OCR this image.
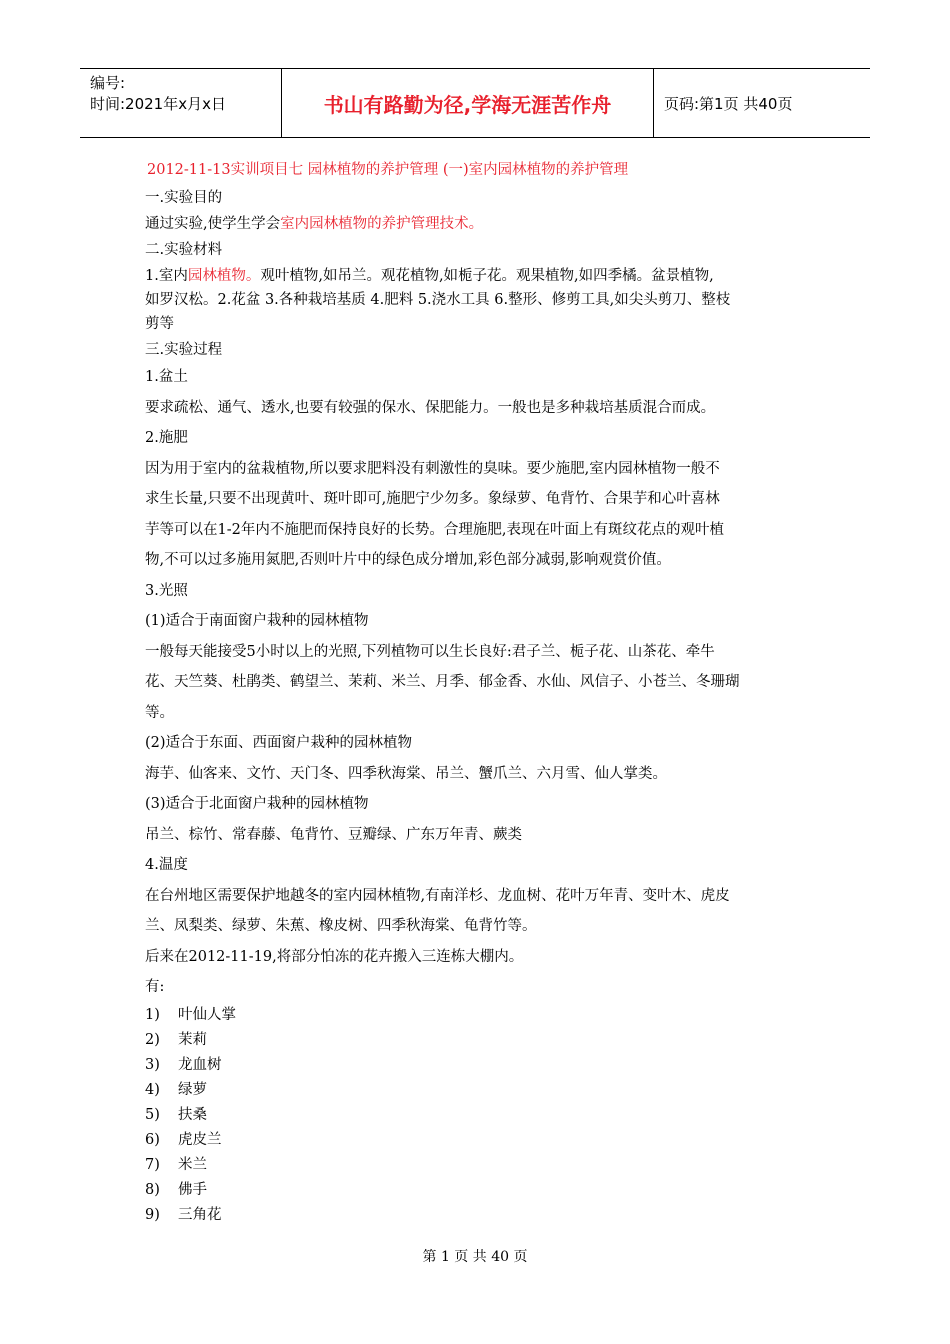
编号:
时间:2021年x月x日	书山有路勤为径,学海无涯苦作舟	页码:第1页 共40页

2012-11-13实训项目七 园林植物的养护管理 (一)室内园林植物的养护管理

一.实验目的

通过实验,使学生学会室内园林植物的养护管理技术。

二.实验材料

1.室内园林植物。观叶植物,如吊兰。观花植物,如栀子花。观果植物,如四季橘。盆景植物,

如罗汉松。2.花盆 3.各种栽培基质 4.肥料 5.浇水工具 6.整形、修剪工具,如尖头剪刀、整枝

剪等

三.实验过程

1.盆土

要求疏松、通气、透水,也要有较强的保水、保肥能力。一般也是多种栽培基质混合而成。

2.施肥

因为用于室内的盆栽植物,所以要求肥料没有刺激性的臭味。要少施肥,室内园林植物一般不

求生长量,只要不出现黄叶、斑叶即可,施肥宁少勿多。象绿萝、龟背竹、合果芋和心叶喜林

芋等可以在1-2年内不施肥而保持良好的长势。合理施肥,表现在叶面上有斑纹花点的观叶植

物,不可以过多施用氮肥,否则叶片中的绿色成分增加,彩色部分减弱,影响观赏价值。

3.光照

(1)适合于南面窗户栽种的园林植物

一般每天能接受5小时以上的光照,下列植物可以生长良好:君子兰、栀子花、山茶花、牵牛

花、天竺葵、杜鹃类、鹤望兰、茉莉、米兰、月季、郁金香、水仙、风信子、小苍兰、冬珊瑚

等。

(2)适合于东面、西面窗户栽种的园林植物

海芋、仙客来、文竹、天门冬、四季秋海棠、吊兰、蟹爪兰、六月雪、仙人掌类。

(3)适合于北面窗户栽种的园林植物

吊兰、棕竹、常春藤、龟背竹、豆瓣绿、广东万年青、蕨类

4.温度

在台州地区需要保护地越冬的室内园林植物,有南洋杉、龙血树、花叶万年青、变叶木、虎皮

兰、凤梨类、绿萝、朱蕉、橡皮树、四季秋海棠、龟背竹等。

后来在2012-11-19,将部分怕冻的花卉搬入三连栋大棚内。

有:

1)	叶仙人掌
2)	茉莉
3)	龙血树
4)	绿萝
5)	扶桑
6)	虎皮兰
7)	米兰
8)	佛手
9)	三角花
第 1 页 共 40 页
